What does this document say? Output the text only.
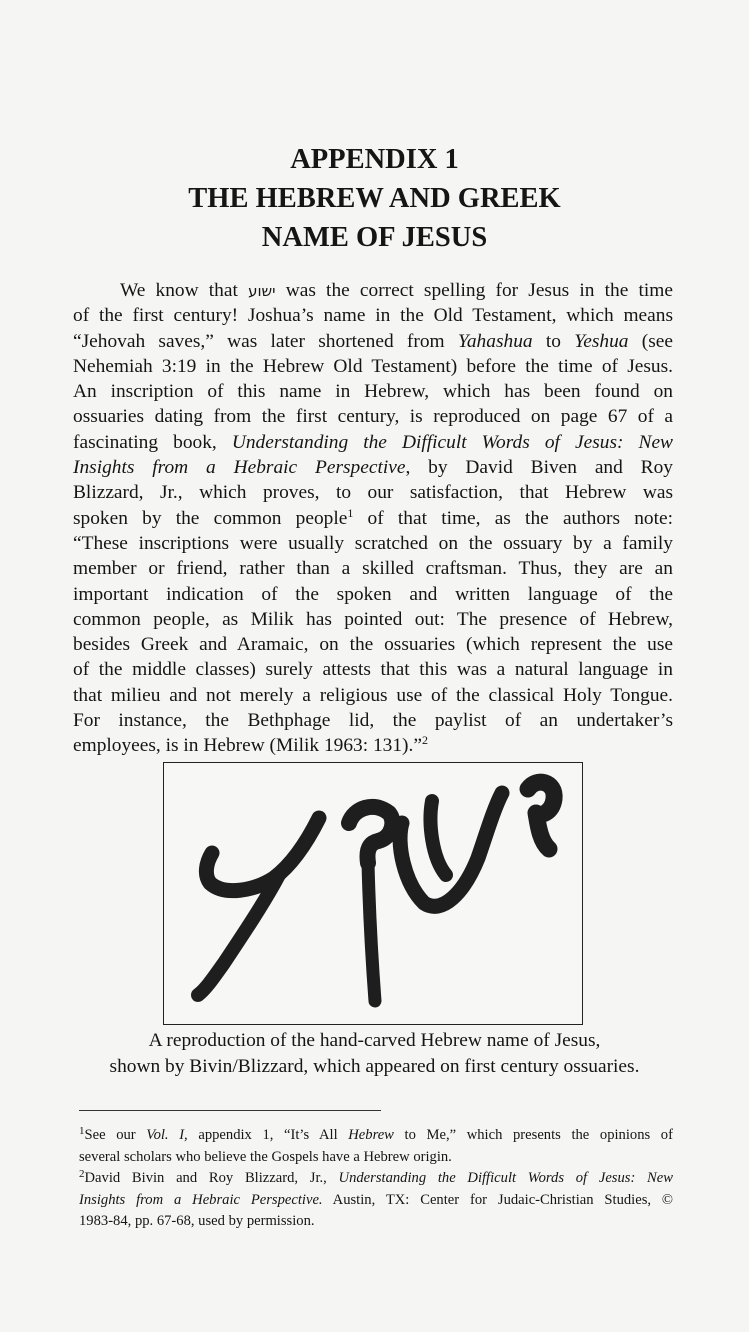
APPENDIX 1
THE HEBREW AND GREEK
NAME OF JESUS
We know that ישוע was the correct spelling for Jesus in the time
of the first century! Joshua’s name in the Old Testament, which means
“Jehovah saves,” was later shortened from Yahashua to Yeshua (see
Nehemiah 3:19 in the Hebrew Old Testament) before the time of Jesus.
An inscription of this name in Hebrew, which has been found on
ossuaries dating from the first century, is reproduced on page 67 of a
fascinating book, Understanding the Difficult Words of Jesus: New
Insights from a Hebraic Perspective, by David Biven and Roy
Blizzard, Jr., which proves, to our satisfaction, that Hebrew was
spoken by the common people$^1$ of that time, as the authors note:
“These inscriptions were usually scratched on the ossuary by a family
member or friend, rather than a skilled craftsman. Thus, they are an
important indication of the spoken and written language of the
common people, as Milik has pointed out: The presence of Hebrew,
besides Greek and Aramaic, on the ossuaries (which represent the use
of the middle classes) surely attests that this was a natural language in
that milieu and not merely a religious use of the classical Holy Tongue.
For instance, the Bethphage lid, the paylist of an undertaker’s
employees, is in Hebrew (Milik 1963: 131).”$^2$
A reproduction of the hand-carved Hebrew name of Jesus,
shown by Bivin/Blizzard, which appeared on first century ossuaries.
$^1$See our Vol. I, appendix 1, “It’s All Hebrew to Me,” which presents the opinions of
several scholars who believe the Gospels have a Hebrew origin.
$^2$David Bivin and Roy Blizzard, Jr., Understanding the Difficult Words of Jesus: New
Insights from a Hebraic Perspective. Austin, TX: Center for Judaic-Christian Studies, ©
1983-84, pp. 67-68, used by permission.
